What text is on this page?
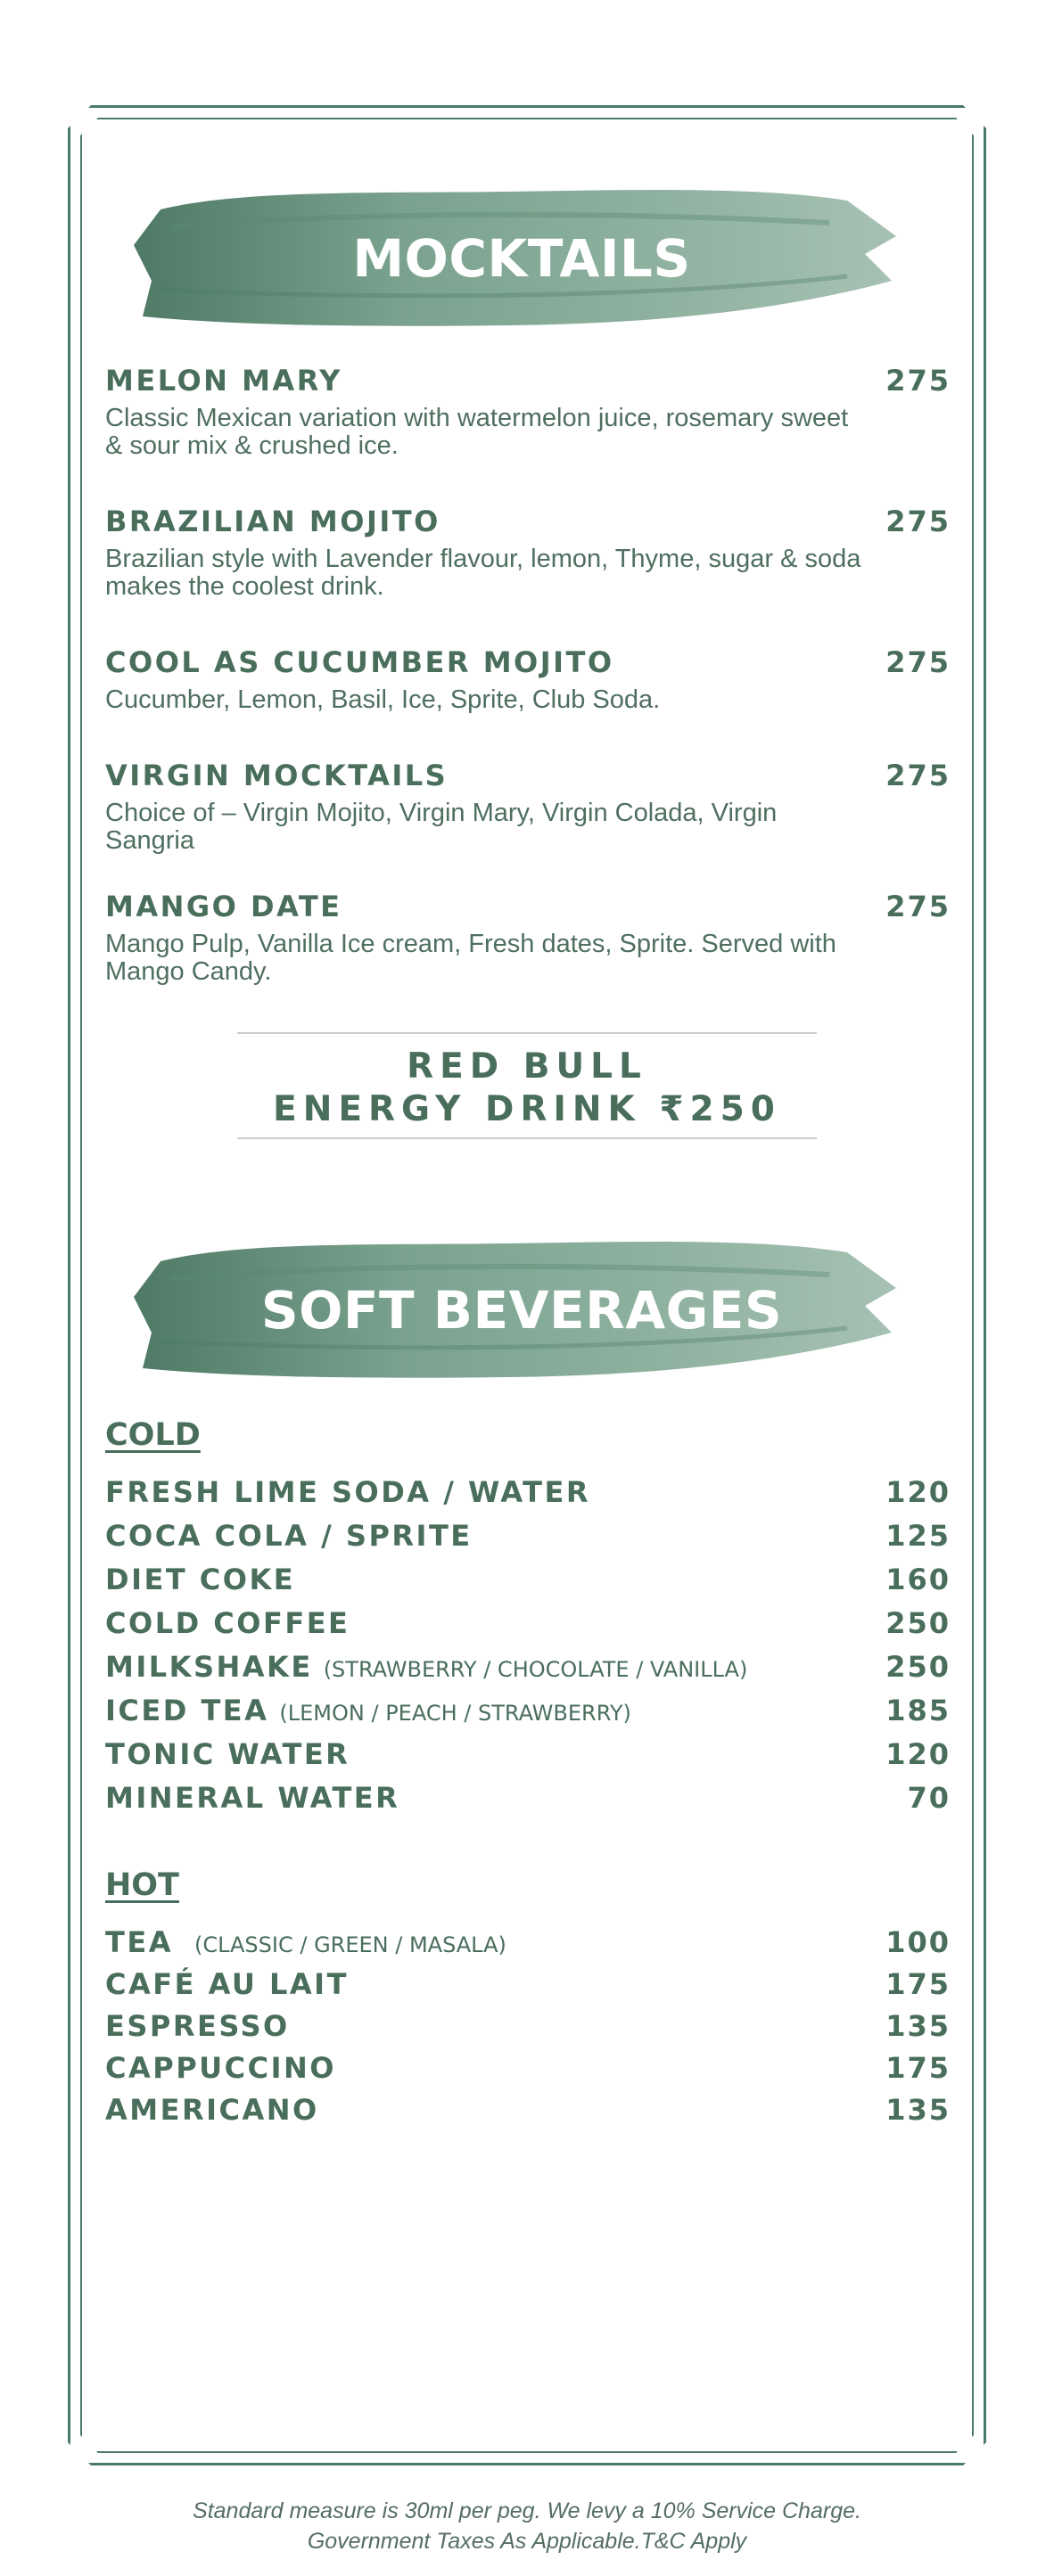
MOCKTAILS
MELON MARY	275
Classic Mexican variation with watermelon juice, rosemary sweet & sour mix & crushed ice.
BRAZILIAN MOJITO	275
Brazilian style with Lavender flavour, lemon, Thyme, sugar & soda makes the coolest drink.
COOL AS CUCUMBER MOJITO	275
Cucumber, Lemon, Basil, Ice, Sprite, Club Soda.
VIRGIN MOCKTAILS	275
Choice of – Virgin Mojito, Virgin Mary, Virgin Colada, Virgin Sangria
MANGO DATE	275
Mango Pulp, Vanilla Ice cream, Fresh dates, Sprite. Served with Mango Candy.
RED BULL
ENERGY DRINK ₹250
SOFT BEVERAGES
COLD
FRESH LIME SODA / WATER	120
COCA COLA / SPRITE	125
DIET COKE	160
COLD COFFEE	250
MILKSHAKE (STRAWBERRY / CHOCOLATE / VANILLA)	250
ICED TEA (LEMON / PEACH / STRAWBERRY)	185
TONIC WATER	120
MINERAL WATER	70
HOT
TEA (CLASSIC / GREEN / MASALA)	100
CAFÉ AU LAIT	175
ESPRESSO	135
CAPPUCCINO	175
AMERICANO	135
Standard measure is 30ml per peg. We levy a 10% Service Charge.
Government Taxes As Applicable.T&C Apply
